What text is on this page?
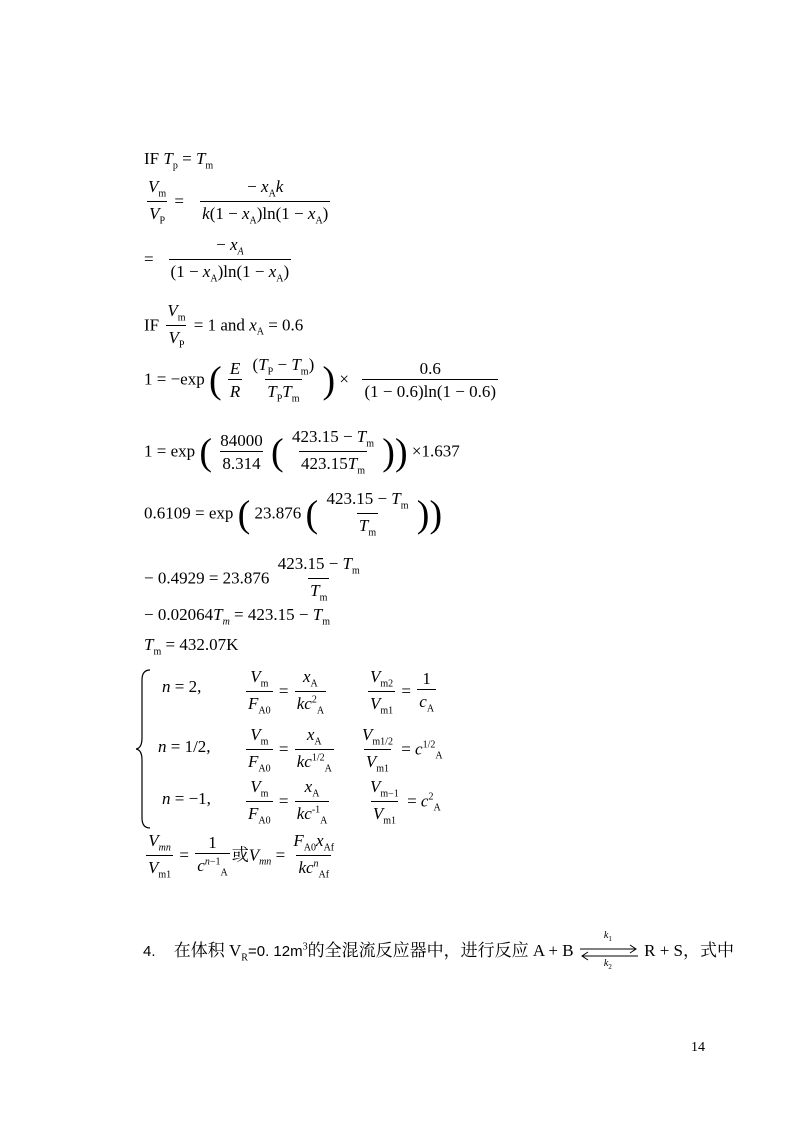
IF $T_p = T_m$
$\frac{V_m}{V_P} = \frac{- x_Ak}{k(1 - x_A)\ln(1 - x_A)}$
= $\frac{- x_A}{(1 - x_A)\ln(1 - x_A)}$
IF $\frac{V_m}{V_P} = 1$ and $x_A = 0.6$
1 = −exp ( $\frac{E}{R}$
$\frac{(T_P - T_m)}{T_PT_m}$ ) × $\frac{0.6}{(1 - 0.6)\ln(1 - 0.6)}$
1 = exp ( $\frac{84000}{8.314}$ ( $\frac{423.15 - T_m}{423.15T_m}$ )) ×1.637
0.6109 = exp ( 23.876 ( $\frac{423.15 - T_m}{T_m}$ ))
− $0.4929 = 23.876 \frac{423.15 - T_m}{T_m}$
− $0.02064T_m = 423.15 - T_m$
$T_m = 432.07K$
n = 2,	$\frac{V_m}{F_{A0}} = \frac{x_A}{kc^2_A} \frac{V_{m2}}{V_{m1}} = \frac{1}{c_A}$
n = 1/2, $\frac{V_m}{F_{A0}} = \frac{x_A}{kc^{1/2}_A} \frac{V_{m1/2}}{V_{m1}} = c^{1/2}_A$
n = −1, $\frac{V_m}{F_{A0}} = \frac{x_A}{kc^{-1}_A} \frac{V_{m-1}}{V_{m1}} = c^2_A$
$\frac{V_{mn}}{V_{m1}} = \frac{1}{c^{n-1}_A}$ 或$V_{mn} = \frac{F_{A0}x_{Af}}{kc^n_{Af}}$
4. 在体积 $V_R=0$. $12m^3$的全混流反应器中，进行反应 A + B
$k_1$
$k_2$
R + S，式中
14
